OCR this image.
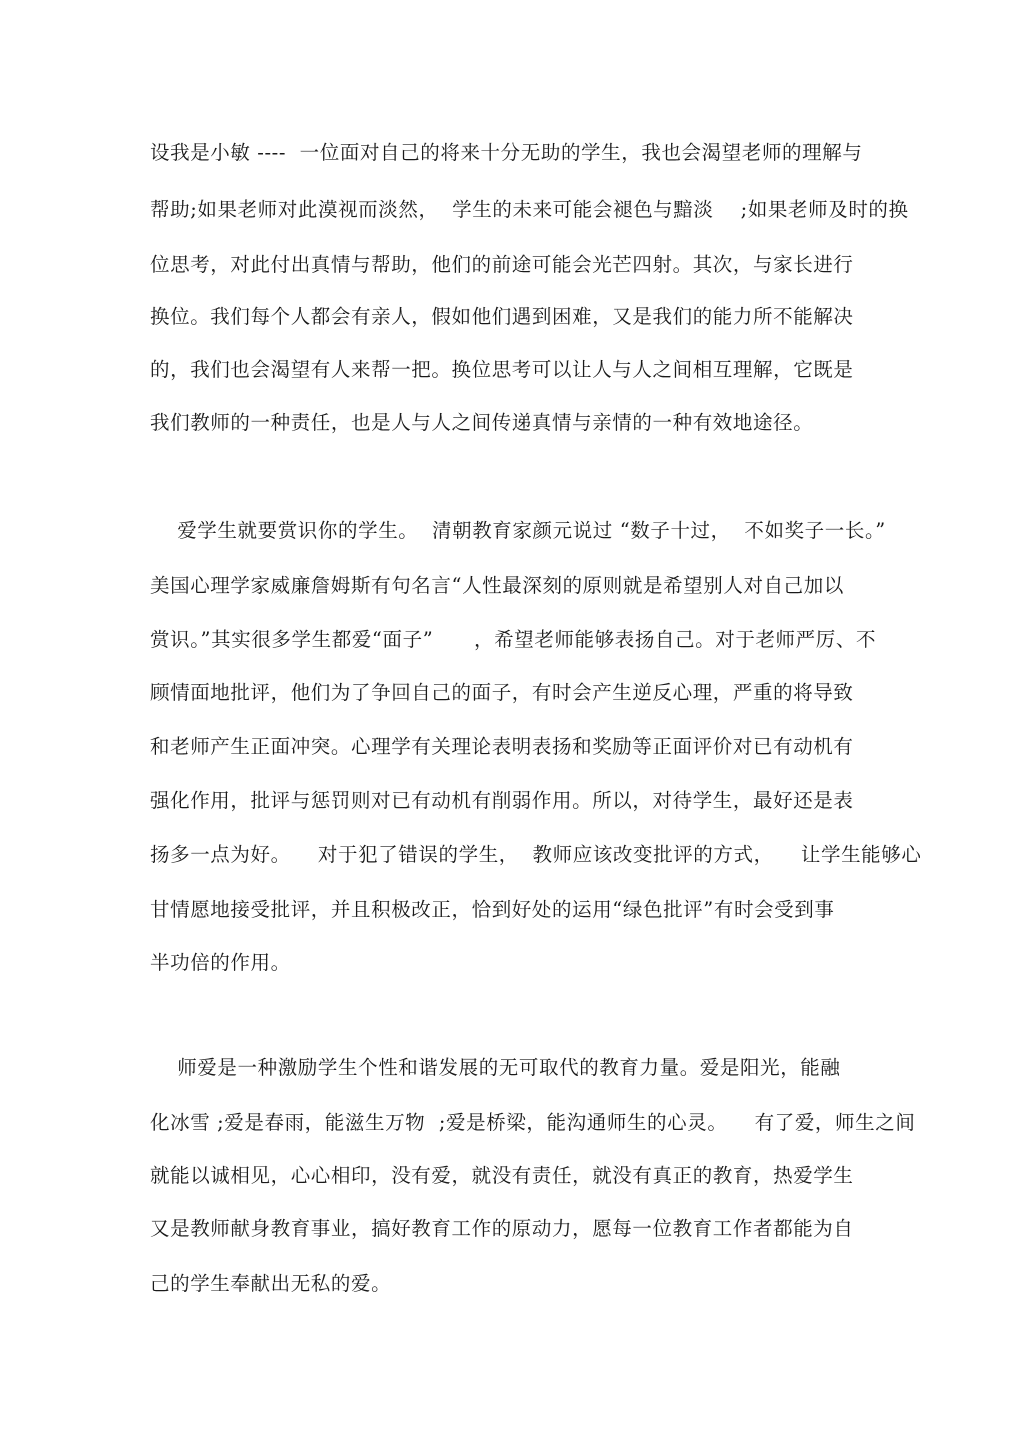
设我是小敏 ----  一位面对自己的将来十分无助的学生，我也会渴望老师的理解与
帮助;如果老师对此漠视而淡然，  学生的未来可能会褪色与黯淡    ;如果老师及时的换
位思考，对此付出真情与帮助，他们的前途可能会光芒四射。其次，与家长进行
换位。我们每个人都会有亲人，假如他们遇到困难，又是我们的能力所不能解决
的，我们也会渴望有人来帮一把。换位思考可以让人与人之间相互理解，它既是
我们教师的一种责任，也是人与人之间传递真情与亲情的一种有效地途径。
爱学生就要赏识你的学生。  清朝教育家颜元说过 “数子十过，  不如奖子一长。”
美国心理学家威廉詹姆斯有句名言“人性最深刻的原则就是希望别人对自己加以
赏识。”其实很多学生都爱“面子”      ，希望老师能够表扬自己。对于老师严厉、不
顾情面地批评，他们为了争回自己的面子，有时会产生逆反心理，严重的将导致
和老师产生正面冲突。心理学有关理论表明表扬和奖励等正面评价对已有动机有
强化作用，批评与惩罚则对已有动机有削弱作用。所以，对待学生，最好还是表
扬多一点为好。    对于犯了错误的学生，  教师应该改变批评的方式，    让学生能够心
甘情愿地接受批评，并且积极改正，恰到好处的运用“绿色批评”有时会受到事
半功倍的作用。
师爱是一种激励学生个性和谐发展的无可取代的教育力量。爱是阳光，能融
化冰雪 ;爱是春雨，能滋生万物  ;爱是桥梁，能沟通师生的心灵。    有了爱，师生之间
就能以诚相见，心心相印，没有爱，就没有责任，就没有真正的教育，热爱学生
又是教师献身教育事业，搞好教育工作的原动力，愿每一位教育工作者都能为自
己的学生奉献出无私的爱。
